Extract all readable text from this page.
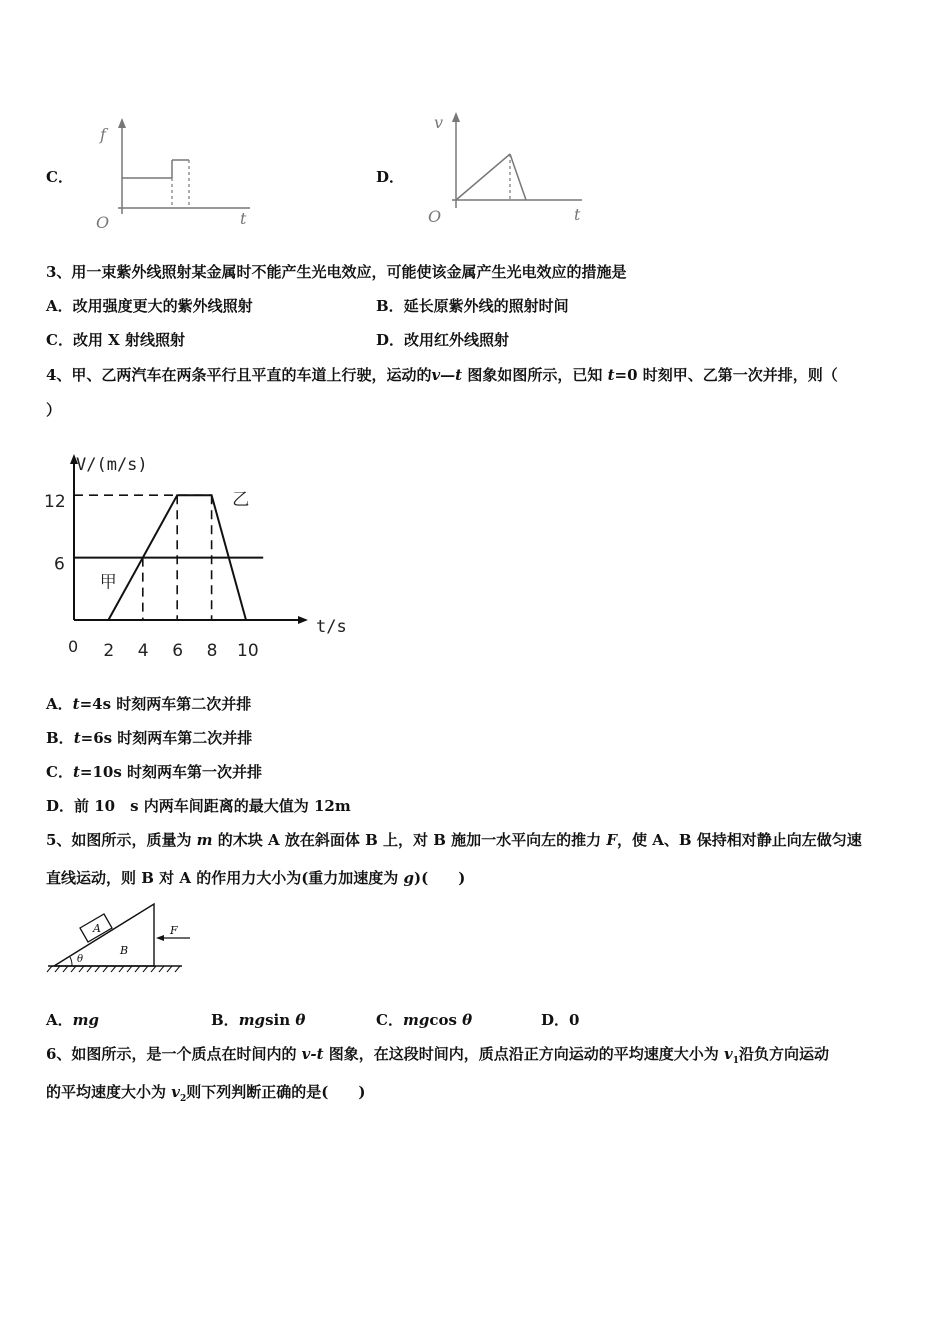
C．
f
O	t
D．
v
O	t
3、用一束紫外线照射某金属时不能产生光电效应，可能使该金属产生光电效应的措施是
A．改用强度更大的紫外线照射	B．延长原紫外线的照射时间
C．改用 X 射线照射	D．改用红外线照射
4、甲、乙两汽车在两条平行且平直的车道上行驶，运动的v—t 图象如图所示，已知 t=0 时刻甲、乙第一次并排，则（
）
2 4 6 8 10
6
12
甲
乙
V/(m/s)
t/s
0
A．t=4s 时刻两车第二次并排
B．t=6s 时刻两车第二次并排
C．t=10s 时刻两车第一次并排
D．前 10　s 内两车间距离的最大值为 12m
5、如图所示，质量为 m 的木块 A 放在斜面体 B 上，对 B 施加一水平向左的推力 F，使 A、B 保持相对静止向左做匀速
直线运动，则 B 对 A 的作用力大小为(重力加速度为 g)(　　)
A
B
F
θ
A．mg	B．mgsin θ	C．mgcos θ	D．0
6、如图所示，是一个质点在时间内的 v-t 图象，在这段时间内，质点沿正方向运动的平均速度大小为 $v_1$沿负方向运动
的平均速度大小为 $v_2$则下列判断正确的是(　　)
